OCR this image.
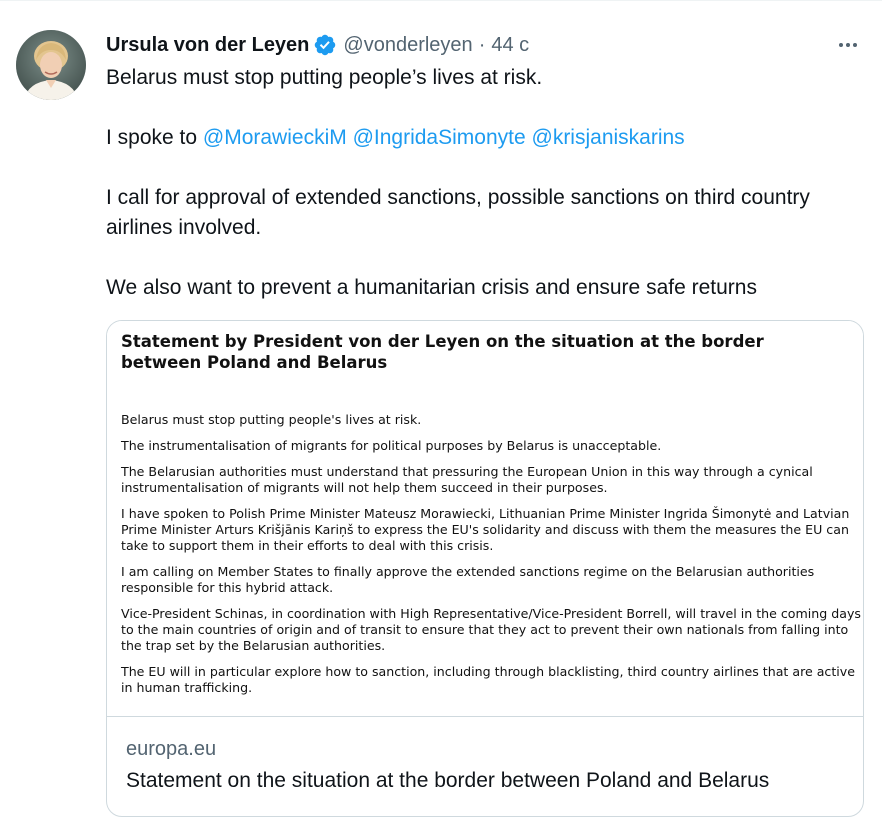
Ursula von der Leyen @vonderleyen · 44 с

Belarus must stop putting people’s lives at risk.

I spoke to @MorawieckiM @IngridaSimonyte @krisjaniskarins

I call for approval of extended sanctions, possible sanctions on third country airlines involved.

We also want to prevent a humanitarian crisis and ensure safe returns

Statement by President von der Leyen on the situation at the border between Poland and Belarus

Belarus must stop putting people's lives at risk.

The instrumentalisation of migrants for political purposes by Belarus is unacceptable.

The Belarusian authorities must understand that pressuring the European Union in this way through a cynical instrumentalisation of migrants will not help them succeed in their purposes.

I have spoken to Polish Prime Minister Mateusz Morawiecki, Lithuanian Prime Minister Ingrida Šimonytė and Latvian Prime Minister Arturs Krišjānis Kariņš to express the EU's solidarity and discuss with them the measures the EU can take to support them in their efforts to deal with this crisis.

I am calling on Member States to finally approve the extended sanctions regime on the Belarusian authorities responsible for this hybrid attack.

Vice-President Schinas, in coordination with High Representative/Vice-President Borrell, will travel in the coming days to the main countries of origin and of transit to ensure that they act to prevent their own nationals from falling into the trap set by the Belarusian authorities.

The EU will in particular explore how to sanction, including through blacklisting, third country airlines that are active in human trafficking.

europa.eu
Statement on the situation at the border between Poland and Belarus
